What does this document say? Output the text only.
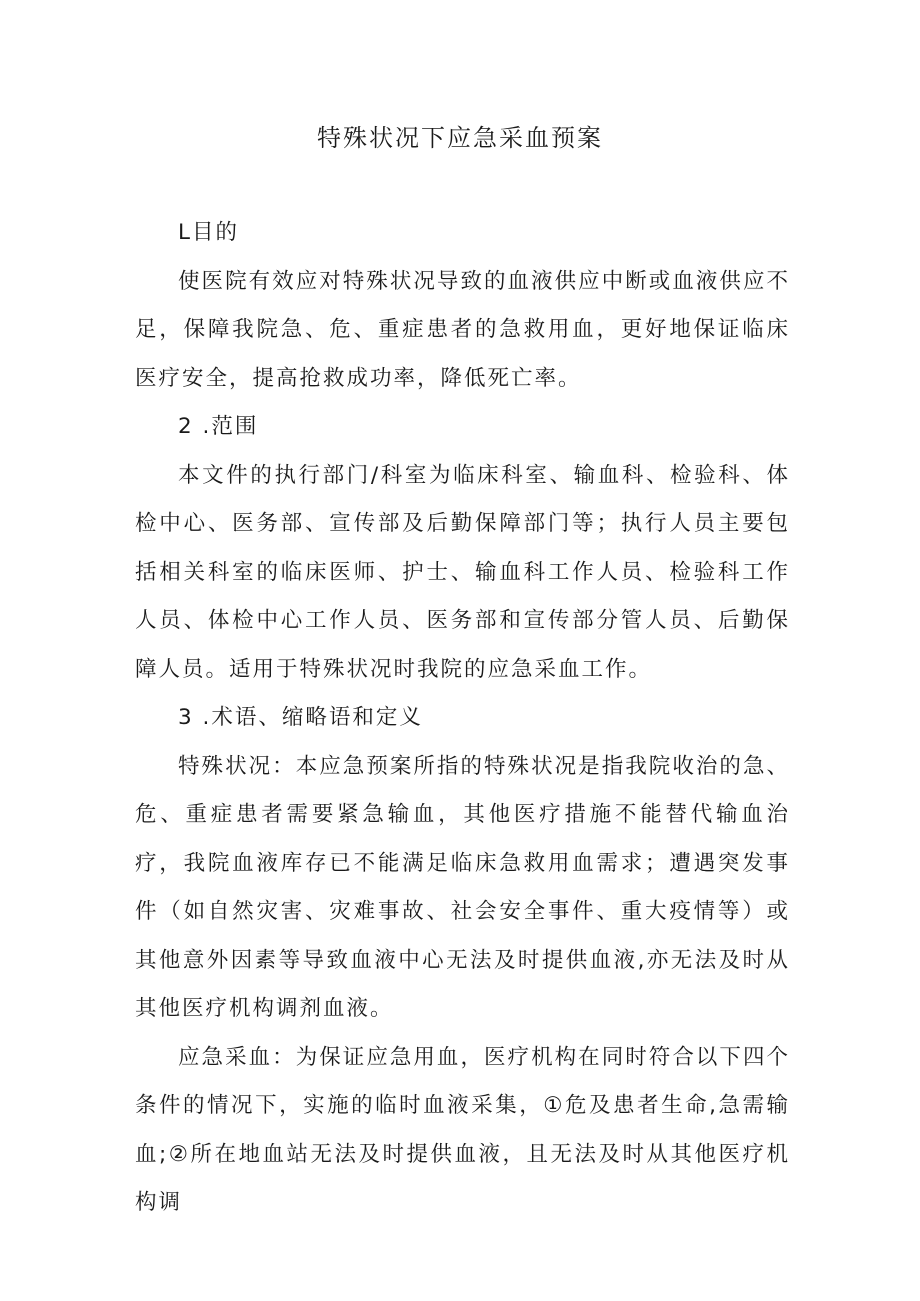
特殊状况下应急采血预案

L目的

使医院有效应对特殊状况导致的血液供应中断或血液供应不足，保障我院急、危、重症患者的急救用血，更好地保证临床医疗安全，提高抢救成功率，降低死亡率。

2 .范围

本文件的执行部门/科室为临床科室、输血科、检验科、体检中心、医务部、宣传部及后勤保障部门等；执行人员主要包括相关科室的临床医师、护士、输血科工作人员、检验科工作人员、体检中心工作人员、医务部和宣传部分管人员、后勤保障人员。适用于特殊状况时我院的应急采血工作。

3 .术语、缩略语和定义

特殊状况：本应急预案所指的特殊状况是指我院收治的急、危、重症患者需要紧急输血，其他医疗措施不能替代输血治疗，我院血液库存已不能满足临床急救用血需求；遭遇突发事件（如自然灾害、灾难事故、社会安全事件、重大疫情等）或其他意外因素等导致血液中心无法及时提供血液,亦无法及时从其他医疗机构调剂血液。

应急采血：为保证应急用血，医疗机构在同时符合以下四个条件的情况下，实施的临时血液采集，①危及患者生命,急需输血;②所在地血站无法及时提供血液，且无法及时从其他医疗机构调
